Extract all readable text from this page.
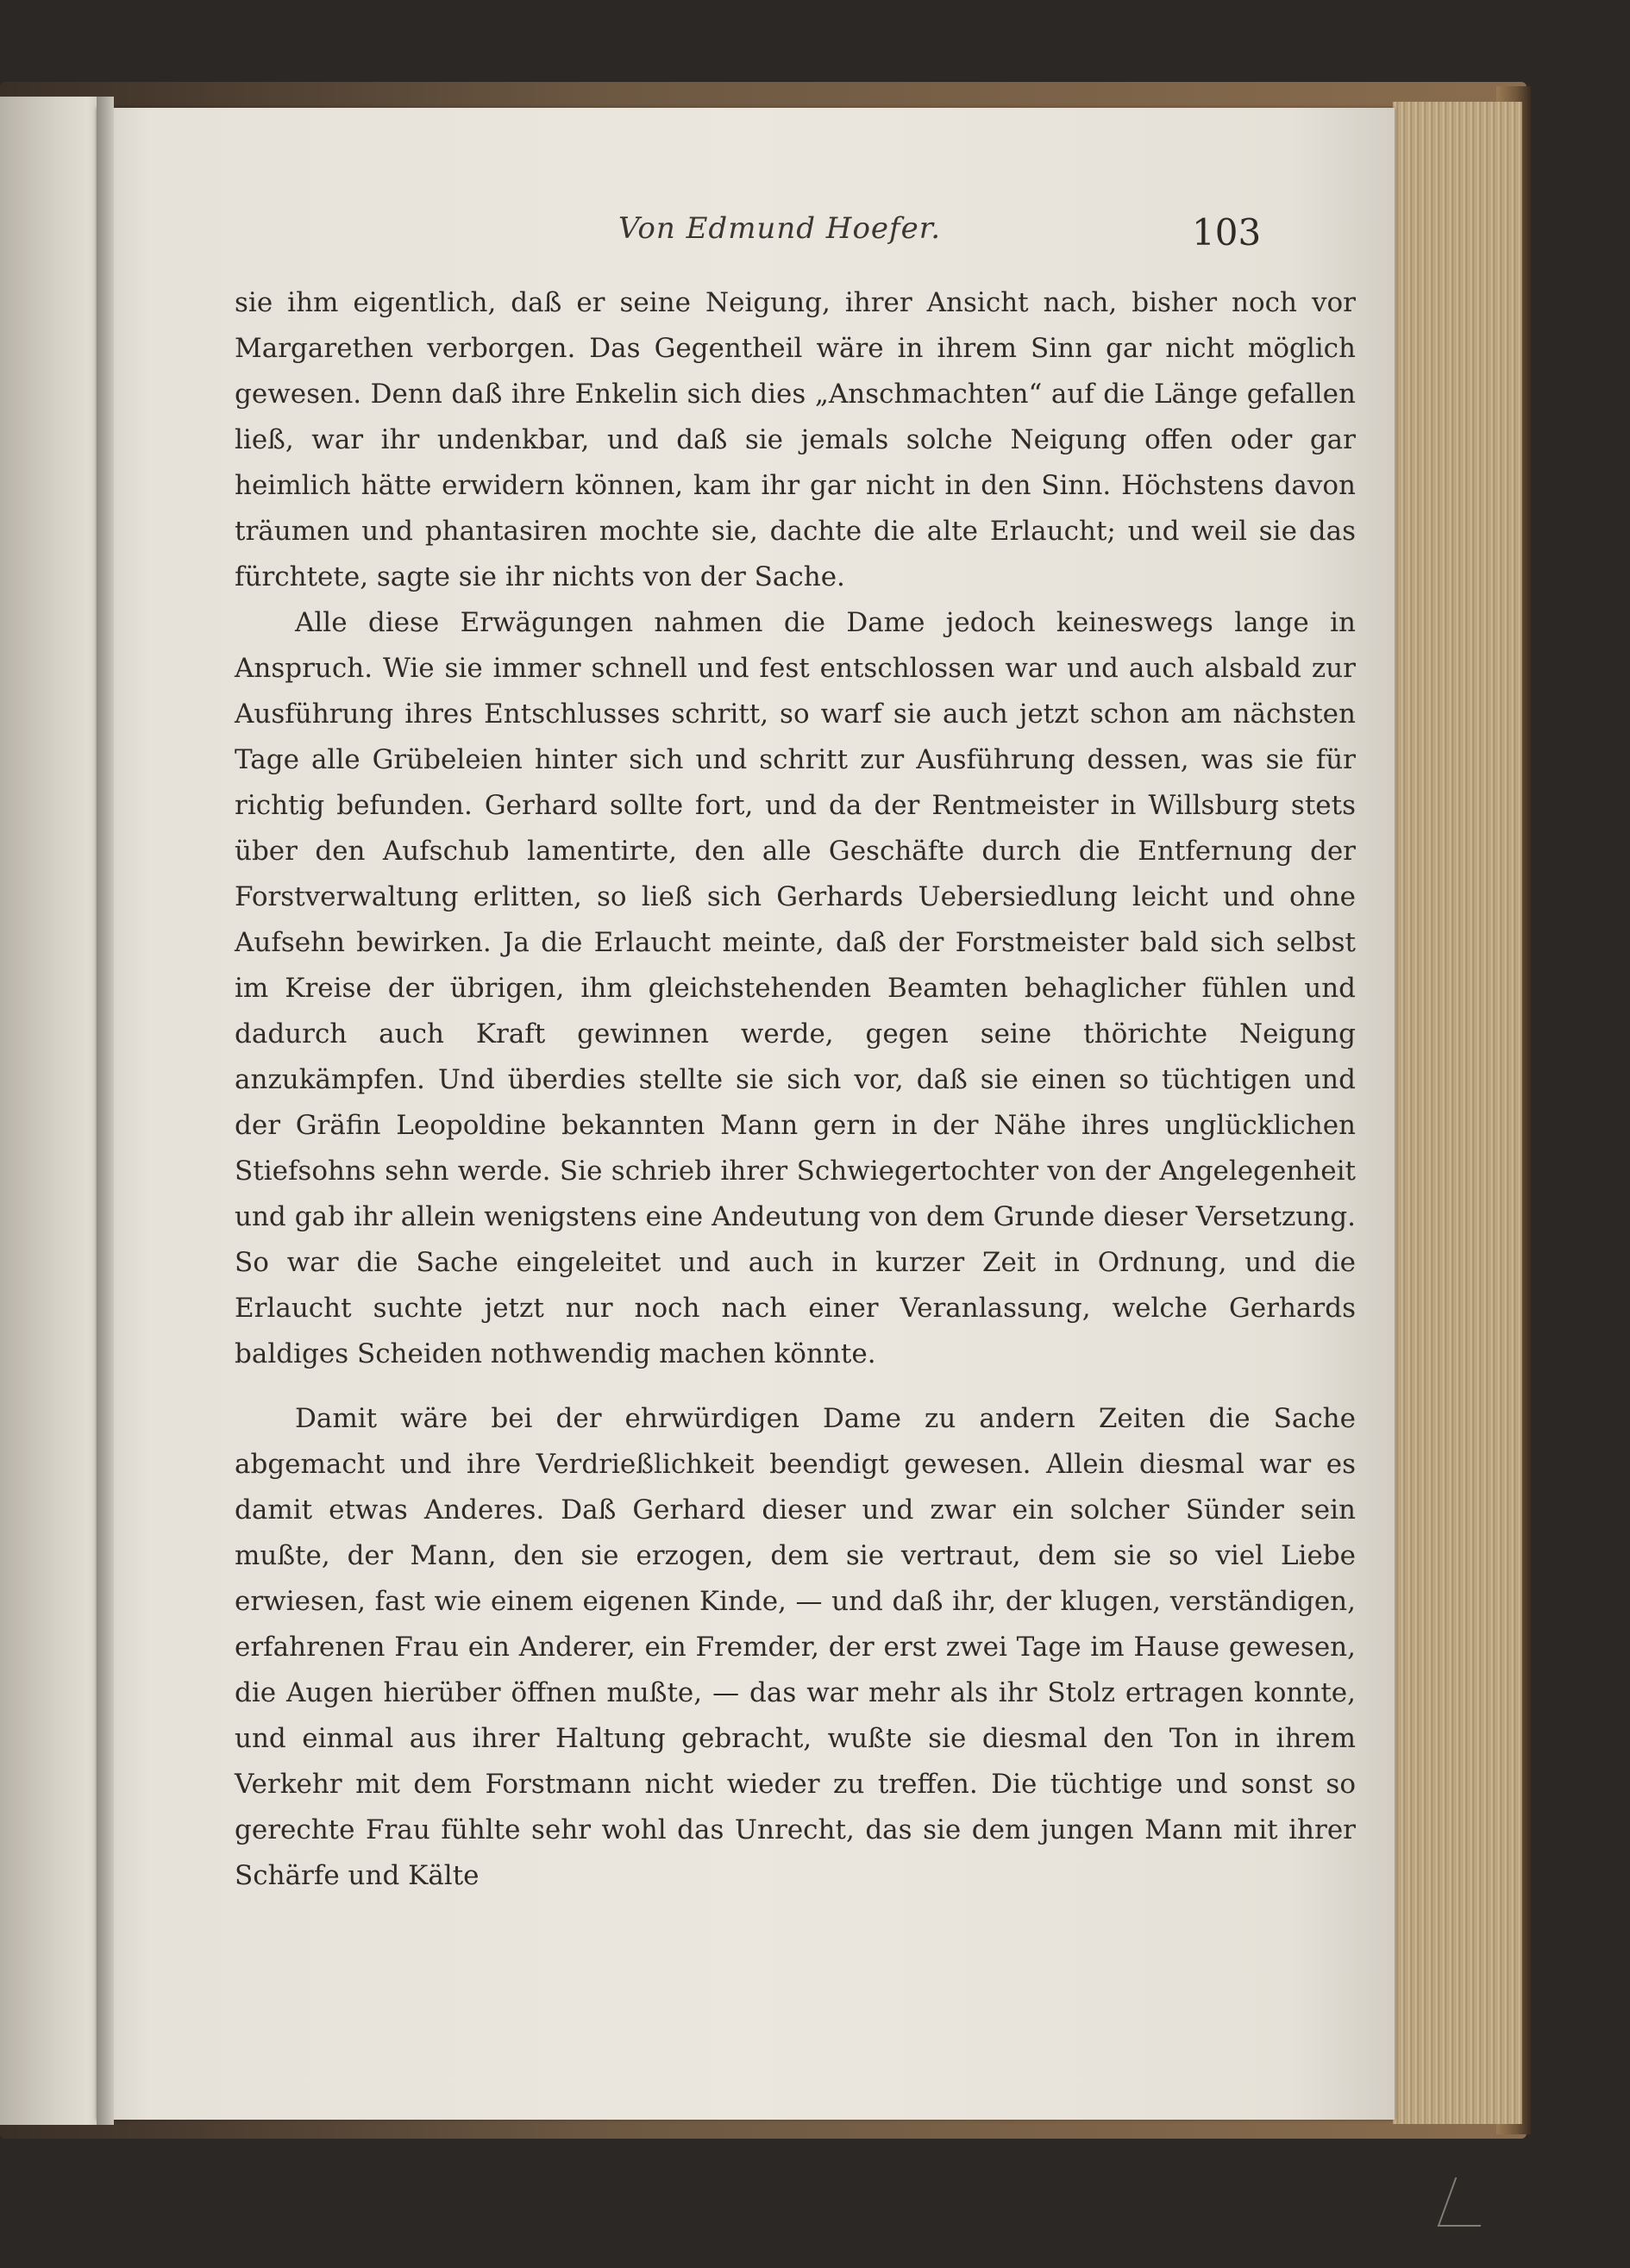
Von Edmund Hoefer.	103

sie ihm eigentlich, daß er seine Neigung, ihrer Ansicht nach, bisher noch vor Margarethen verborgen. Das Gegentheil wäre in ihrem Sinn gar nicht möglich gewesen. Denn daß ihre Enkelin sich dies „Anschmachten“ auf die Länge gefallen ließ, war ihr undenkbar, und daß sie jemals solche Neigung offen oder gar heimlich hätte erwidern können, kam ihr gar nicht in den Sinn. Höchstens davon träumen und phantasiren mochte sie, dachte die alte Erlaucht; und weil sie das fürchtete, sagte sie ihr nichts von der Sache.

Alle diese Erwägungen nahmen die Dame jedoch keineswegs lange in Anspruch. Wie sie immer schnell und fest entschlossen war und auch alsbald zur Ausführung ihres Entschlusses schritt, so warf sie auch jetzt schon am nächsten Tage alle Grübeleien hinter sich und schritt zur Ausführung dessen, was sie für richtig befunden. Gerhard sollte fort, und da der Rentmeister in Willsburg stets über den Aufschub lamentirte, den alle Geschäfte durch die Entfernung der Forstverwaltung erlitten, so ließ sich Gerhards Uebersiedlung leicht und ohne Aufsehn bewirken. Ja die Erlaucht meinte, daß der Forstmeister bald sich selbst im Kreise der übrigen, ihm gleichstehenden Beamten behaglicher fühlen und dadurch auch Kraft gewinnen werde, gegen seine thörichte Neigung anzukämpfen. Und überdies stellte sie sich vor, daß sie einen so tüchtigen und der Gräfin Leopoldine bekannten Mann gern in der Nähe ihres unglücklichen Stiefsohns sehn werde. Sie schrieb ihrer Schwiegertochter von der Angelegenheit und gab ihr allein wenigstens eine Andeutung von dem Grunde dieser Versetzung. So war die Sache eingeleitet und auch in kurzer Zeit in Ordnung, und die Erlaucht suchte jetzt nur noch nach einer Veranlassung, welche Gerhards baldiges Scheiden nothwendig machen könnte.

Damit wäre bei der ehrwürdigen Dame zu andern Zeiten die Sache abgemacht und ihre Verdrießlichkeit beendigt gewesen. Allein diesmal war es damit etwas Anderes. Daß Gerhard dieser und zwar ein solcher Sünder sein mußte, der Mann, den sie erzogen, dem sie vertraut, dem sie so viel Liebe erwiesen, fast wie einem eigenen Kinde, — und daß ihr, der klugen, verständigen, erfahrenen Frau ein Anderer, ein Fremder, der erst zwei Tage im Hause gewesen, die Augen hierüber öffnen mußte, — das war mehr als ihr Stolz ertragen konnte, und einmal aus ihrer Haltung gebracht, wußte sie diesmal den Ton in ihrem Verkehr mit dem Forstmann nicht wieder zu treffen. Die tüchtige und sonst so gerechte Frau fühlte sehr wohl das Unrecht, das sie dem jungen Mann mit ihrer Schärfe und Kälte
